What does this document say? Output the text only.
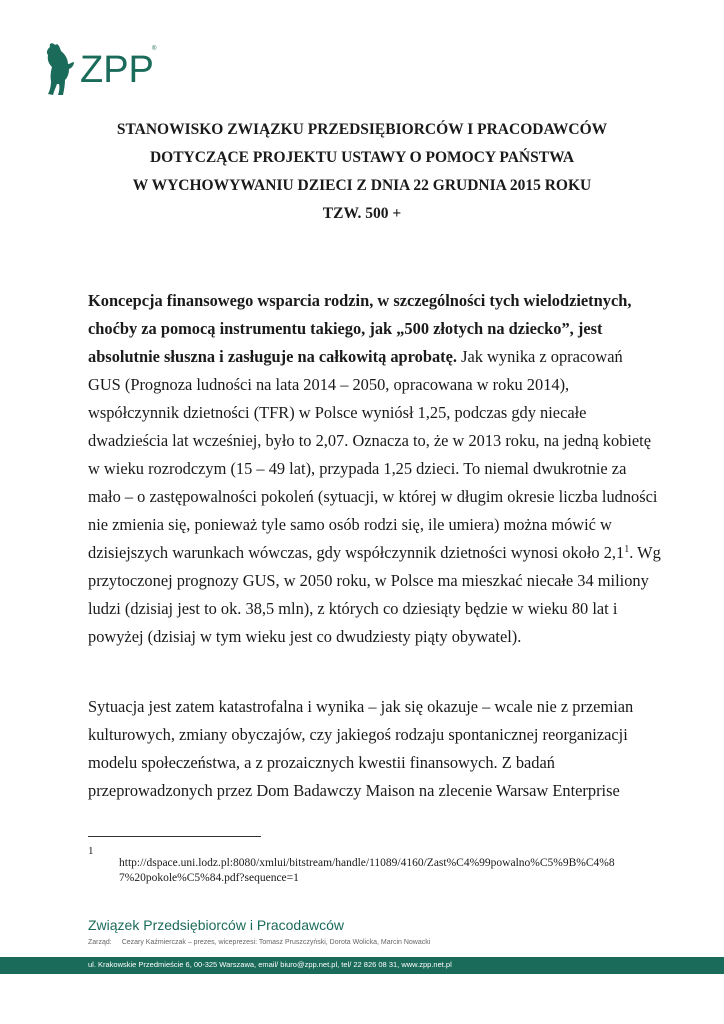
ZPP
®
STANOWISKO ZWIĄZKU PRZEDSIĘBIORCÓW I PRACODAWCÓW
DOTYCZĄCE PROJEKTU USTAWY O POMOCY PAŃSTWA
W WYCHOWYWANIU DZIECI Z DNIA 22 GRUDNIA 2015 ROKU
TZW. 500 +
Koncepcja finansowego wsparcia rodzin, w szczególności tych wielodzietnych,
choćby za pomocą instrumentu takiego, jak „500 złotych na dziecko”, jest
absolutnie słuszna i zasługuje na całkowitą aprobatę. Jak wynika z opracowań
GUS (Prognoza ludności na lata 2014 – 2050, opracowana w roku 2014),
współczynnik dzietności (TFR) w Polsce wyniósł 1,25, podczas gdy niecałe
dwadzieścia lat wcześniej, było to 2,07. Oznacza to, że w 2013 roku, na jedną kobietę
w wieku rozrodczym (15 – 49 lat), przypada 1,25 dzieci. To niemal dwukrotnie za
mało – o zastępowalności pokoleń (sytuacji, w której w długim okresie liczba ludności
nie zmienia się, ponieważ tyle samo osób rodzi się, ile umiera) można mówić w
dzisiejszych warunkach wówczas, gdy współczynnik dzietności wynosi około $2,1^1$. Wg
przytoczonej prognozy GUS, w 2050 roku, w Polsce ma mieszkać niecałe 34 miliony
ludzi (dzisiaj jest to ok. 38,5 mln), z których co dziesiąty będzie w wieku 80 lat i
powyżej (dzisiaj w tym wieku jest co dwudziesty piąty obywatel).
Sytuacja jest zatem katastrofalna i wynika – jak się okazuje – wcale nie z przemian
kulturowych, zmiany obyczajów, czy jakiegoś rodzaju spontanicznej reorganizacji
modelu społeczeństwa, a z prozaicznych kwestii finansowych. Z badań
przeprowadzonych przez Dom Badawczy Maison na zlecenie Warsaw Enterprise
1
http://dspace.uni.lodz.pl:8080/xmlui/bitstream/handle/11089/4160/Zast%C4%99powalno%C5%9B%C4%8
7%20pokole%C5%84.pdf?sequence=1
Związek Przedsiębiorców i Pracodawców
Zarząd: Cezary Kaźmierczak – prezes, wiceprezesi: Tomasz Pruszczyński, Dorota Wolicka, Marcin Nowacki
ul. Krakowskie Przedmieście 6, 00-325 Warszawa, email/ biuro@zpp.net.pl, tel/ 22 826 08 31, www.zpp.net.pl
